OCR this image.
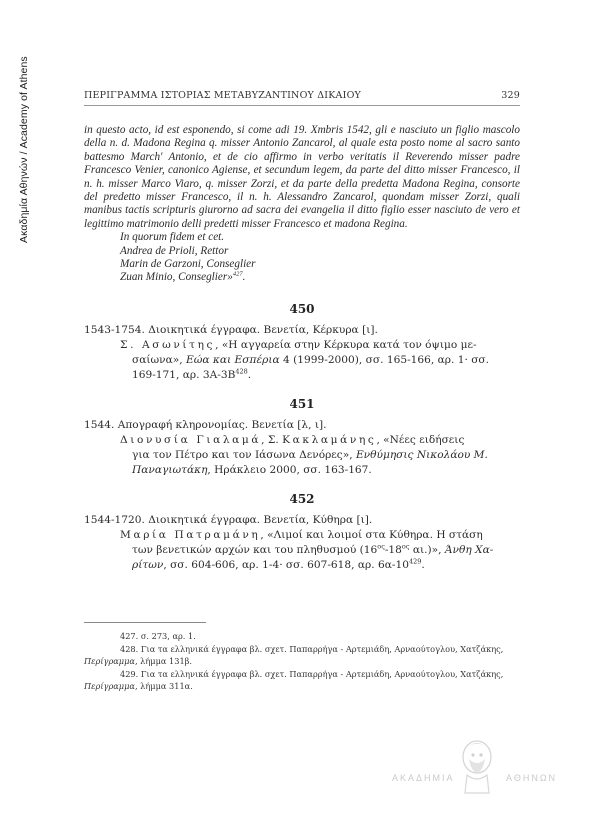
Ακαδημία Αθηνών / Academy of Athens	ΠΕΡΙΓΡΑΜΜΑ ΙΣΤΟΡΙΑΣ ΜΕΤΑΒΥΖΑΝΤΙΝΟΥ ΔΙΚΑΙΟΥ	329

in questo acto, id est esponendo, si come adi 19. Xmbris 1542, gli e nasciuto un figlio mascolo della n. d. Madona Regina q. misser Antonio Zancarol, al quale esta posto nome al sacro santo battesmo March' Antonio, et de cio affirmo in verbo veritatis il Reverendo misser padre Francesco Venier, canonico Agiense, et secundum legem, da parte del ditto misser Francesco, il n. h. misser Marco Viaro, q. misser Zorzi, et da parte della predetta Madona Regina, consorte del predetto misser Francesco, il n. h. Alessandro Zancarol, quondam misser Zorzi, quali manibus tactis scripturis giurorno ad sacra dei evangelia il ditto figlio esser nasciuto de vero et legittimo matrimonio delli predetti misser Francesco et madona Regina.

In quorum fidem et cet.
Andrea de Prioli, Rettor
Marin de Garzoni, Conseglier
Zuan Minio, Conseglier»$^{427}$.
450
1543-1754. Διοικητικά έγγραφα. Βενετία, Κέρκυρα [ι].
Σ. Ασωνίτης, «Η αγγαρεία στην Κέρκυρα κατά τον όψιμο με-
σαίωνα», Εώα και Εσπέρια 4 (1999-2000), σσ. 165-166, αρ. 1· σσ.
169-171, αρ. $3A-3B^{428}$.
451
1544. Απογραφή κληρονομίας. Βενετία [λ, ι].
Διονυσία Γιαλαμά, Σ. Κακλαμάνης, «Νέες ειδήσεις
για τον Πέτρο και τον Ιάσωνα Δενόρες», Ενθύμησις Νικολάου Μ.
Παναγιωτάκη, Ηράκλειο 2000, σσ. 163-167.
452
1544-1720. Διοικητικά έγγραφα. Βενετία, Κύθηρα [ι].
Μαρία Πατραμάνη, «Λιμοί και λοιμοί στα Κύθηρα. Η στάση
των βενετικών αρχών και του πληθυσμού ($16^{o\varsigma}-18^{o\varsigma}$ αι.)», Άνθη Χα-
ρίτων, σσ. 604-606, αρ. 1-4· σσ. 607-618, αρ. $6\alpha-10^{429}$.
427. σ. 273, αρ. 1.
428. Για τα ελληνικά έγγραφα βλ. σχετ. Παπαρρήγα - Αρτεμιάδη, Αρναούτογλου, Χατζάκης,
Περίγραμμα, λήμμα 131β.
429. Για τα ελληνικά έγγραφα βλ. σχετ. Παπαρρήγα - Αρτεμιάδη, Αρναούτογλου, Χατζάκης,
Περίγραμμα, λήμμα 311α.
ΑΚΑΔΗΜΙΑ	ΑΘΗΝΩΝ
